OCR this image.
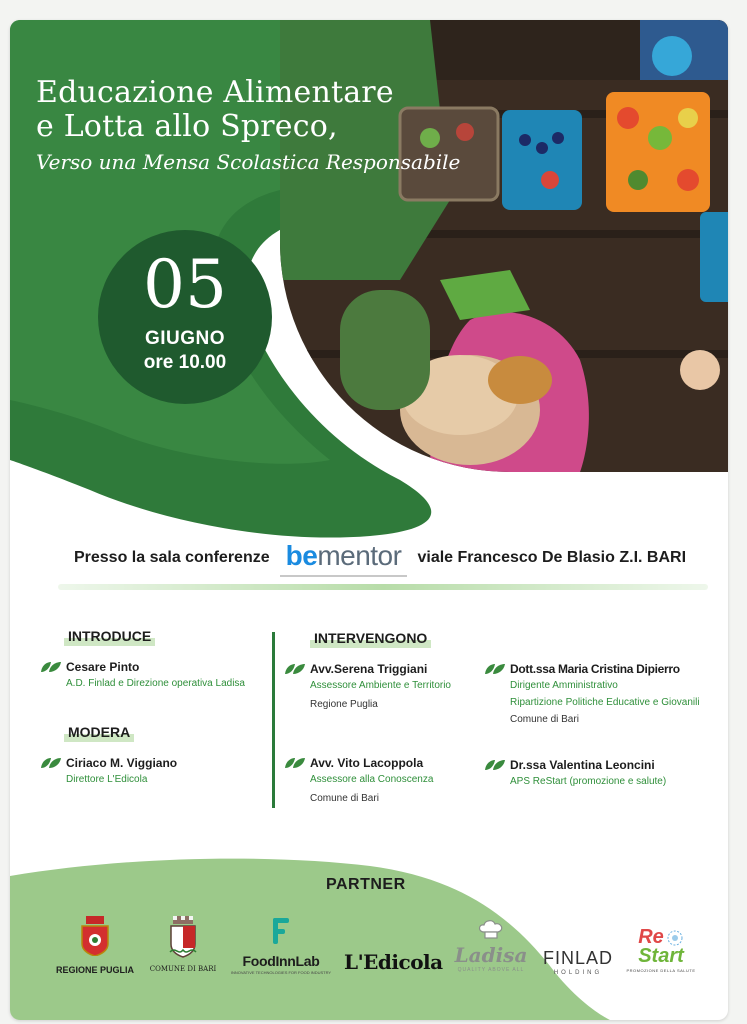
Educazione Alimentare
e Lotta allo Spreco,
Verso una Mensa Scolastica Responsabile
05
GIUGNO
ore 10.00
Presso la sala conferenze be mentor viale Francesco De Blasio Z.I. BARI
INTRODUCE
Cesare Pinto
A.D. Finlad e Direzione operativa Ladisa
MODERA
Ciriaco M. Viggiano
Direttore L'Edicola
INTERVENGONO
Avv.Serena Triggiani
Assessore Ambiente e Territorio
Regione Puglia
Dott.ssa Maria Cristina Dipierro
Dirigente Amministrativo
Ripartizione Politiche Educative e Giovanili
Comune di Bari
Avv. Vito Lacoppola
Assessore alla Conoscenza
Comune di Bari
Dr.ssa Valentina Leoncini
APS ReStart (promozione e salute)
PARTNER
REGIONE PUGLIA	COMUNE DI BARI	FoodInnLab
INNOVATIVE TECHNOLOGIES FOR FOOD INDUSTRY L'Edicola Ladisa
QUALITY ABOVE ALL
FINLAD
HOLDING
Re
Start
PROMOZIONE DELLA SALUTE
